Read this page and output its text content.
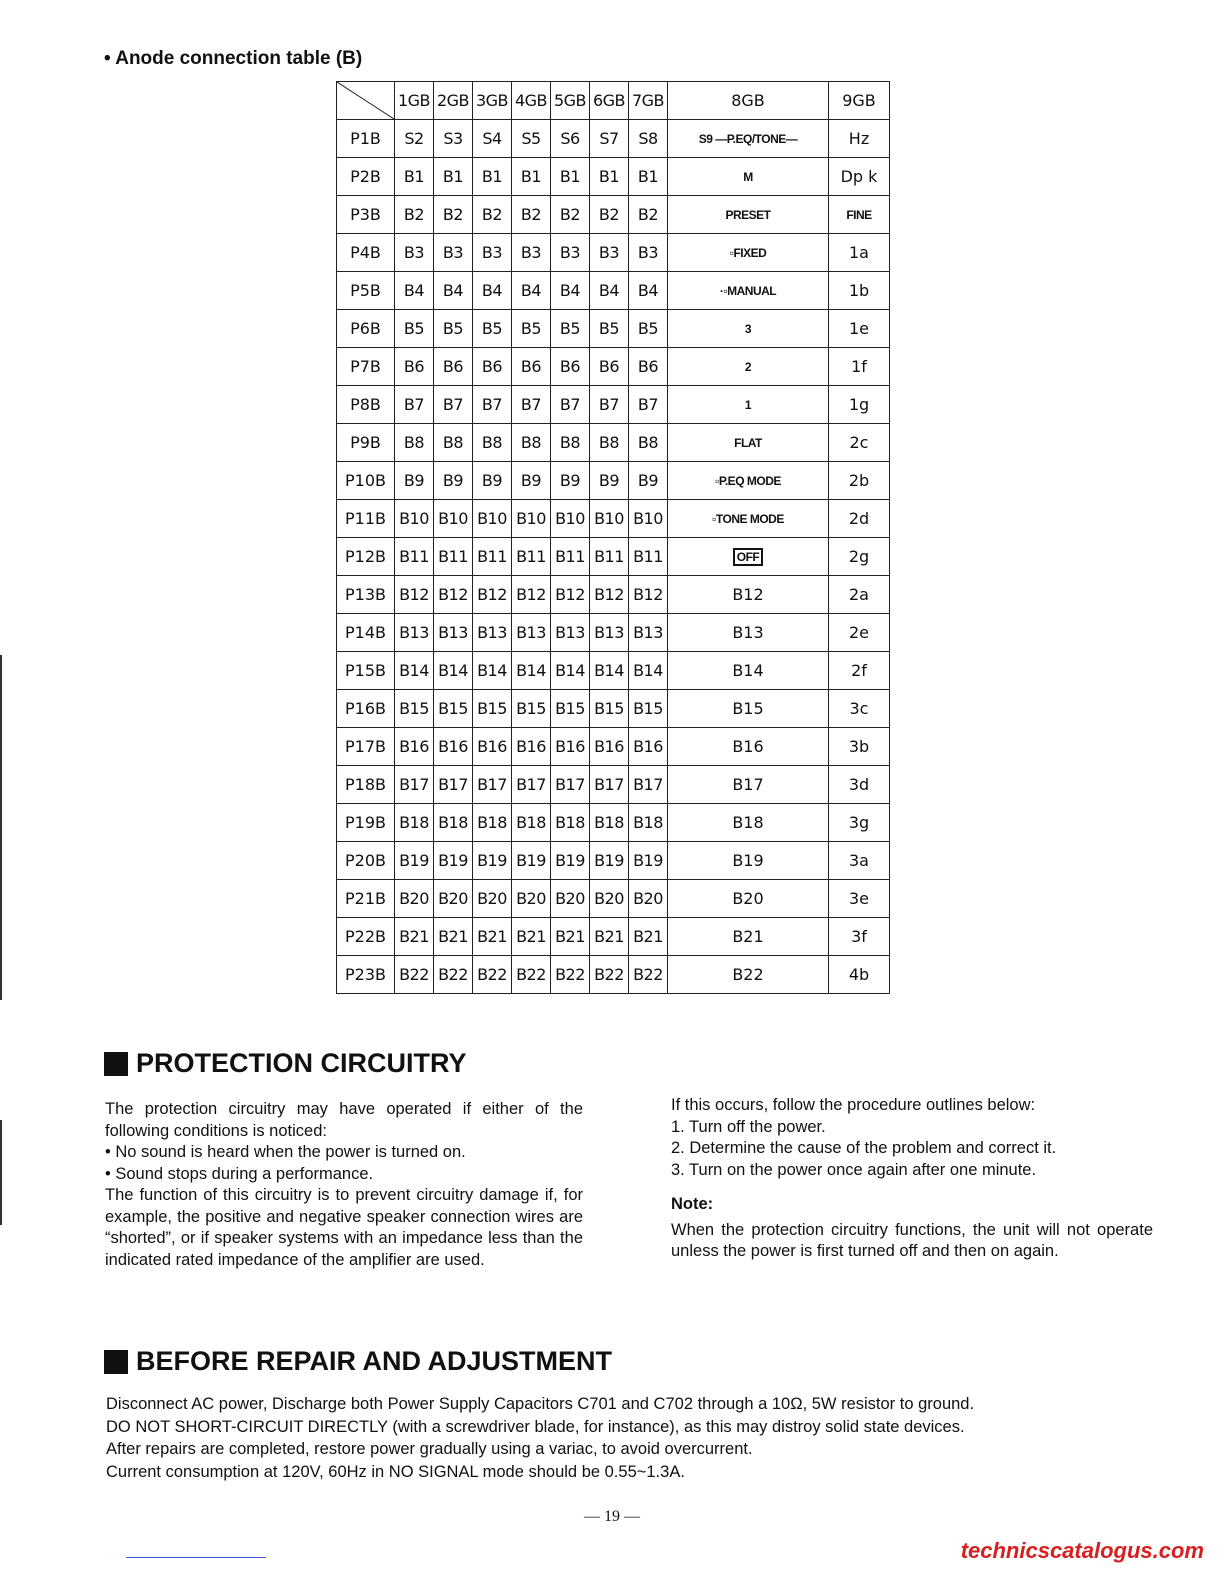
• Anode connection table (B)
	1GB	2GB	3GB	4GB	5GB	6GB	7GB	8GB	9GB
P1B	S2	S3	S4	S5	S6	S7	S8	S9 —P.EQ/TONE—	Hz
P2B	B1	B1	B1	B1	B1	B1	B1	M	Dp k
P3B	B2	B2	B2	B2	B2	B2	B2	PRESET	FINE
P4B	B3	B3	B3	B3	B3	B3	B3	▫FIXED	1a
P5B	B4	B4	B4	B4	B4	B4	B4	·▫MANUAL	1b
P6B	B5	B5	B5	B5	B5	B5	B5	3	1e
P7B	B6	B6	B6	B6	B6	B6	B6	2	1f
P8B	B7	B7	B7	B7	B7	B7	B7	1	1g
P9B	B8	B8	B8	B8	B8	B8	B8	FLAT	2c
P10B	B9	B9	B9	B9	B9	B9	B9	▫P.EQ MODE	2b
P11B	B10	B10	B10	B10	B10	B10	B10	▫TONE MODE	2d
P12B	B11	B11	B11	B11	B11	B11	B11	OFF	2g
P13B	B12	B12	B12	B12	B12	B12	B12	B12	2a
P14B	B13	B13	B13	B13	B13	B13	B13	B13	2e
P15B	B14	B14	B14	B14	B14	B14	B14	B14	2f
P16B	B15	B15	B15	B15	B15	B15	B15	B15	3c
P17B	B16	B16	B16	B16	B16	B16	B16	B16	3b
P18B	B17	B17	B17	B17	B17	B17	B17	B17	3d
P19B	B18	B18	B18	B18	B18	B18	B18	B18	3g
P20B	B19	B19	B19	B19	B19	B19	B19	B19	3a
P21B	B20	B20	B20	B20	B20	B20	B20	B20	3e
P22B	B21	B21	B21	B21	B21	B21	B21	B21	3f
P23B	B22	B22	B22	B22	B22	B22	B22	B22	4b
PROTECTION CIRCUITRY
The protection circuitry may have operated if either of the following conditions is noticed:
• No sound is heard when the power is turned on.
• Sound stops during a performance.
The function of this circuitry is to prevent circuitry damage if, for example, the positive and negative speaker connection wires are “shorted”, or if speaker systems with an impedance less than the indicated rated impedance of the amplifier are used.
If this occurs, follow the procedure outlines below:
1. Turn off the power.
2. Determine the cause of the problem and correct it.
3. Turn on the power once again after one minute.
Note:
When the protection circuitry functions, the unit will not operate unless the power is first turned off and then on again.
BEFORE REPAIR AND ADJUSTMENT
Disconnect AC power, Discharge both Power Supply Capacitors C701 and C702 through a 10Ω, 5W resistor to ground.
DO NOT SHORT-CIRCUIT DIRECTLY (with a screwdriver blade, for instance), as this may distroy solid state devices.
After repairs are completed, restore power gradually using a variac, to avoid overcurrent.
Current consumption at 120V, 60Hz in NO SIGNAL mode should be 0.55~1.3A.
— 19 —
technicscatalogus.com
